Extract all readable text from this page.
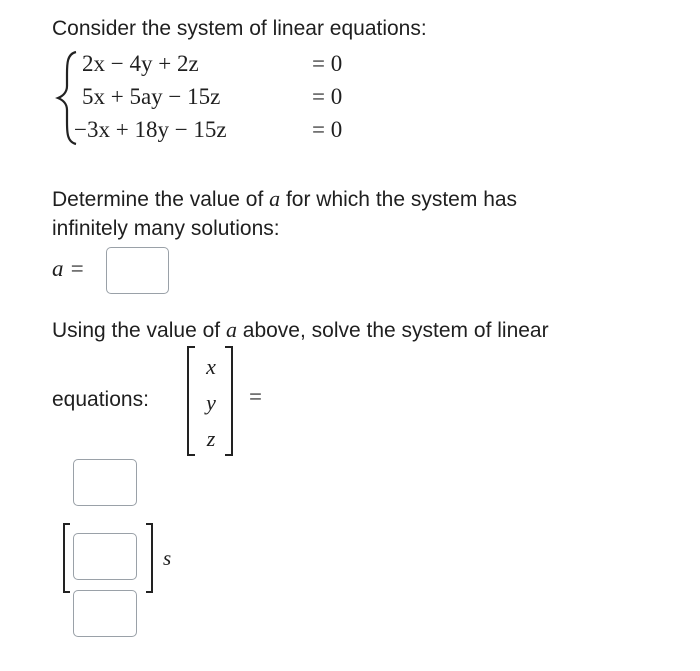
Consider the system of linear equations:
2x − 4y + 2z	= 0
5x + 5ay − 15z	= 0
−3x + 18y − 15z	= 0
Determine the value of a for which the system has
infinitely many solutions:
a =
Using the value of a above, solve the system of linear
equations:
x
y
z
=
s
